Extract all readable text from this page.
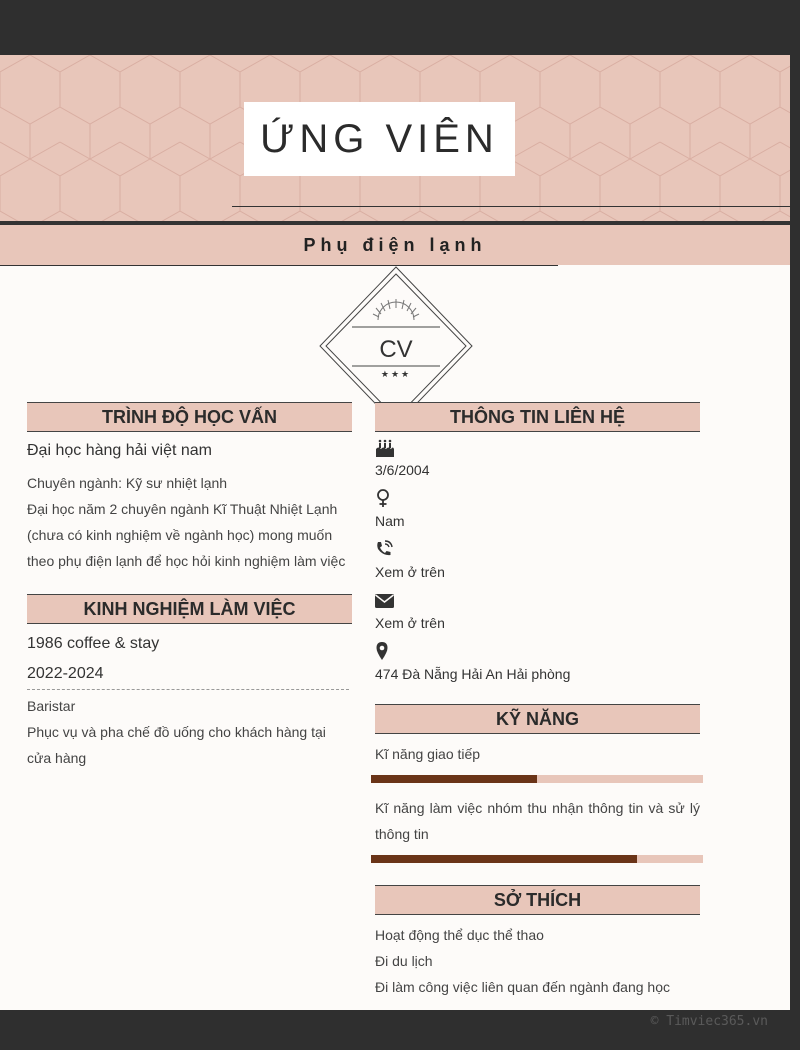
ỨNG VIÊN
Phụ điện lạnh
CV
★★★
TRÌNH ĐỘ HỌC VẤN
Đại học hàng hải việt nam
Chuyên ngành: Kỹ sư nhiệt lạnh
Đại học năm 2 chuyên ngành Kĩ Thuật Nhiệt Lạnh
(chưa có kinh nghiệm về ngành học) mong muốn
theo phụ điện lạnh để học hỏi kinh nghiệm làm việc
KINH NGHIỆM LÀM VIỆC
1986 coffee & stay
2022-2024
Baristar
Phục vụ và pha chế đồ uống cho khách hàng tại
cửa hàng
THÔNG TIN LIÊN HỆ
3/6/2004
Nam
Xem ở trên
Xem ở trên
474 Đà Nẵng Hải An Hải phòng
KỸ NĂNG
Kĩ năng giao tiếp
Kĩ năng làm việc nhóm thu nhận thông tin và sử lý
thông tin
SỞ THÍCH
Hoạt động thể dục thể thao
Đi du lịch
Đi làm công việc liên quan đến ngành đang học
© Timviec365.vn
